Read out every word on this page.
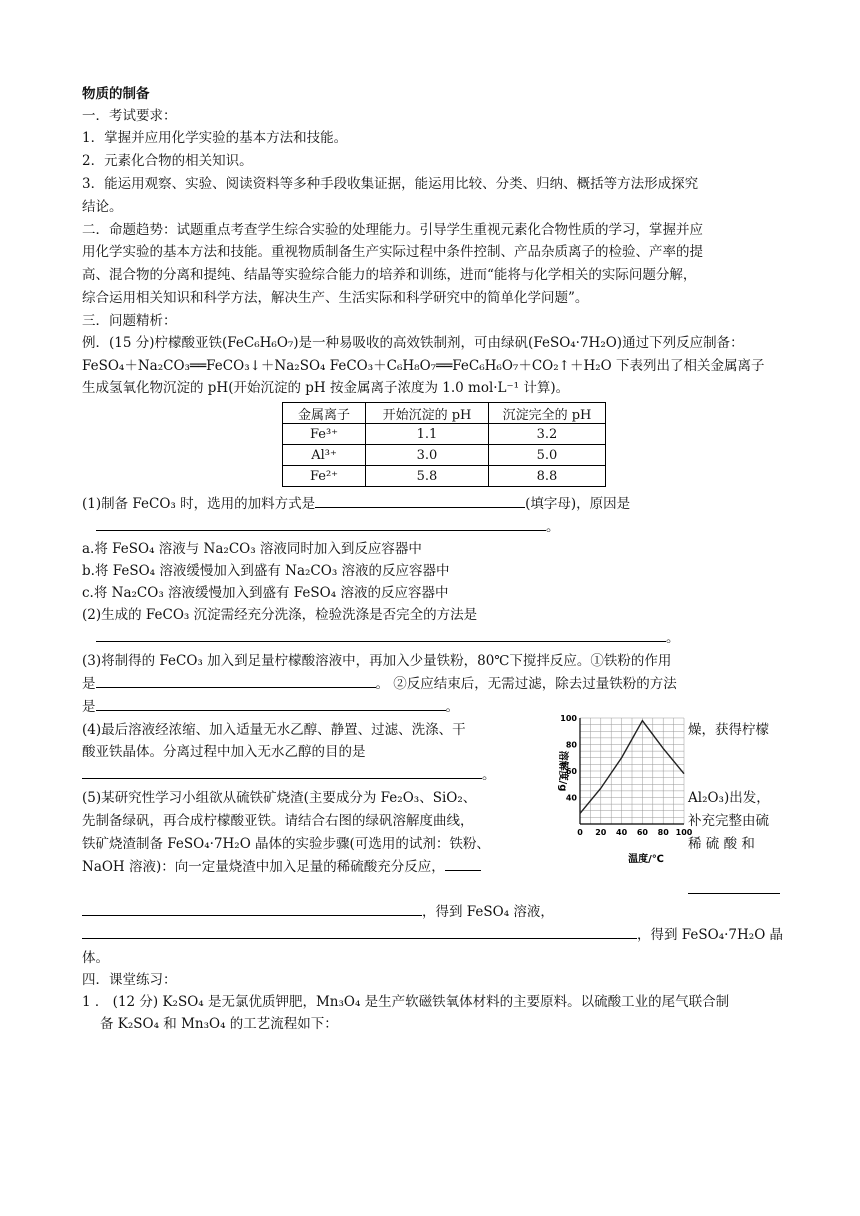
物质的制备
一．考试要求：
1．掌握并应用化学实验的基本方法和技能。
2．元素化合物的相关知识。
3．能运用观察、实验、阅读资料等多种手段收集证据，能运用比较、分类、归纳、概括等方法形成探究
结论。
二．命题趋势：试题重点考查学生综合实验的处理能力。引导学生重视元素化合物性质的学习，掌握并应
用化学实验的基本方法和技能。重视物质制备生产实际过程中条件控制、产品杂质离子的检验、产率的提
高、混合物的分离和提纯、结晶等实验综合能力的培养和训练，进而“能将与化学相关的实际问题分解，
综合运用相关知识和科学方法，解决生产、生活实际和科学研究中的简单化学问题”。
三．问题精析：
例．(15 分)柠檬酸亚铁(FeC₆H₆O₇)是一种易吸收的高效铁制剂，可由绿矾(FeSO₄·7H₂O)通过下列反应制备：
FeSO₄＋Na₂CO₃══FeCO₃↓＋Na₂SO₄ FeCO₃＋C₆H₈O₇══FeC₆H₆O₇＋CO₂↑＋H₂O 下表列出了相关金属离子
生成氢氧化物沉淀的 pH(开始沉淀的 pH 按金属离子浓度为 1.0 mol·L⁻¹ 计算)。
金属离子	开始沉淀的 pH	沉淀完全的 pH
Fe³⁺	1.1	3.2
Al³⁺	3.0	5.0
Fe²⁺	5.8	8.8
(1)制备 FeCO₃ 时，选用的加料方式是	(填字母)，原因是
。
a.将 FeSO₄ 溶液与 Na₂CO₃ 溶液同时加入到反应容器中
b.将 FeSO₄ 溶液缓慢加入到盛有 Na₂CO₃ 溶液的反应容器中
c.将 Na₂CO₃ 溶液缓慢加入到盛有 FeSO₄ 溶液的反应容器中
(2)生成的 FeCO₃ 沉淀需经充分洗涤，检验洗涤是否完全的方法是
。
(3)将制得的 FeCO₃ 加入到足量柠檬酸溶液中，再加入少量铁粉，80℃下搅拌反应。①铁粉的作用
是	。 ②反应结束后，无需过滤，除去过量铁粉的方法
是	。
(4)最后溶液经浓缩、加入适量无水乙醇、静置、过滤、洗涤、干	燥，获得柠檬
酸亚铁晶体。分离过程中加入无水乙醇的目的是
。
(5)某研究性学习小组欲从硫铁矿烧渣(主要成分为 Fe₂O₃、SiO₂、	Al₂O₃)出发，
先制备绿矾，再合成柠檬酸亚铁。请结合右图的绿矾溶解度曲线，	补充完整由硫
铁矿烧渣制备 FeSO₄·7H₂O 晶体的实验步骤(可选用的试剂：铁粉、	稀 硫 酸 和
NaOH 溶液)：向一定量烧渣中加入足量的稀硫酸充分反应，
，得到 FeSO₄ 溶液，
，得到 FeSO₄·7H₂O 晶
体。
四．课堂练习：
1 ． (12 分) K₂SO₄ 是无氯优质钾肥，Mn₃O₄ 是生产软磁铁氧体材料的主要原料。以硫酸工业的尾气联合制
备 K₂SO₄ 和 Mn₃O₄ 的工艺流程如下：
0 20 40 60 80 100
40
60
80
100
温度/℃
溶解度/g
